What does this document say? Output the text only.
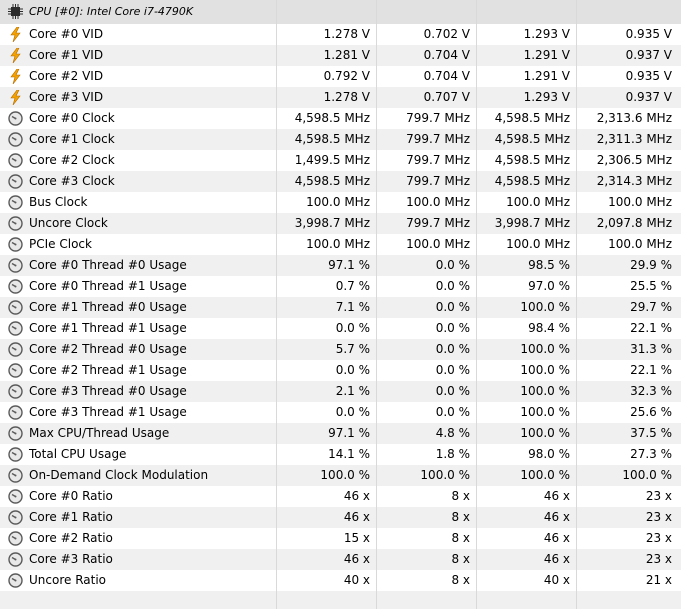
CPU [#0]: Intel Core i7-4790K
Core #0 VID	1.278 V	0.702 V	1.293 V	0.935 V
Core #1 VID	1.281 V	0.704 V	1.291 V	0.937 V
Core #2 VID	0.792 V	0.704 V	1.291 V	0.935 V
Core #3 VID	1.278 V	0.707 V	1.293 V	0.937 V
Core #0 Clock	4,598.5 MHz	799.7 MHz	4,598.5 MHz	2,313.6 MHz
Core #1 Clock	4,598.5 MHz	799.7 MHz	4,598.5 MHz	2,311.3 MHz
Core #2 Clock	1,499.5 MHz	799.7 MHz	4,598.5 MHz	2,306.5 MHz
Core #3 Clock	4,598.5 MHz	799.7 MHz	4,598.5 MHz	2,314.3 MHz
Bus Clock	100.0 MHz	100.0 MHz	100.0 MHz	100.0 MHz
Uncore Clock	3,998.7 MHz	799.7 MHz	3,998.7 MHz	2,097.8 MHz
PCIe Clock	100.0 MHz	100.0 MHz	100.0 MHz	100.0 MHz
Core #0 Thread #0 Usage	97.1 %	0.0 %	98.5 %	29.9 %
Core #0 Thread #1 Usage	0.7 %	0.0 %	97.0 %	25.5 %
Core #1 Thread #0 Usage	7.1 %	0.0 %	100.0 %	29.7 %
Core #1 Thread #1 Usage	0.0 %	0.0 %	98.4 %	22.1 %
Core #2 Thread #0 Usage	5.7 %	0.0 %	100.0 %	31.3 %
Core #2 Thread #1 Usage	0.0 %	0.0 %	100.0 %	22.1 %
Core #3 Thread #0 Usage	2.1 %	0.0 %	100.0 %	32.3 %
Core #3 Thread #1 Usage	0.0 %	0.0 %	100.0 %	25.6 %
Max CPU/Thread Usage	97.1 %	4.8 %	100.0 %	37.5 %
Total CPU Usage	14.1 %	1.8 %	98.0 %	27.3 %
On-Demand Clock Modulation	100.0 %	100.0 %	100.0 %	100.0 %
Core #0 Ratio	46 x	8 x	46 x	23 x
Core #1 Ratio	46 x	8 x	46 x	23 x
Core #2 Ratio	15 x	8 x	46 x	23 x
Core #3 Ratio	46 x	8 x	46 x	23 x
Uncore Ratio	40 x	8 x	40 x	21 x
